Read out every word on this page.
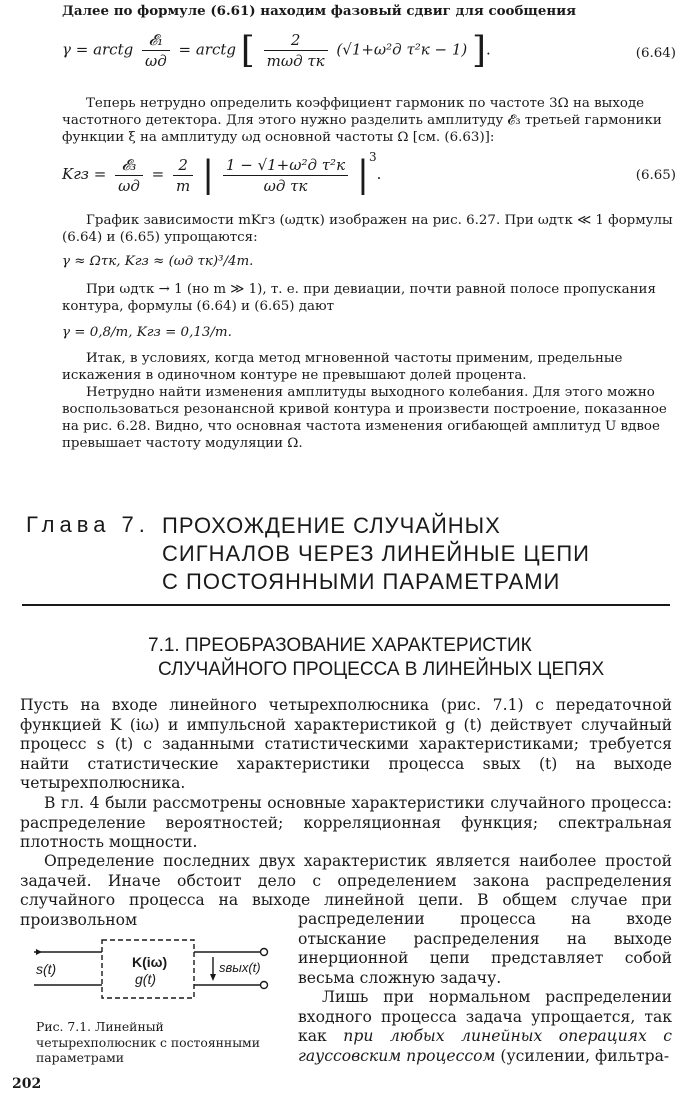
Далее по формуле (6.61) находим фазовый сдвиг для сообщения
γ = arctg $\frac{\text{𝓔₁}}{\omega д}$ = arctg [ $\frac{2}{\text{mωд τк}} (√1+\omega^2д$ τ²к − 1) ].	(6.64)
Теперь нетрудно определить коэффициент гармоник по частоте 3Ω на выходе частотного детектора. Для этого нужно разделить амплитуду 𝓔₃ третьей гармоники функции ξ на амплитуду ωд основной частоты Ω [см. (6.63)]:
Kгз = $\frac{\text{𝓔₃}}{\omega д} = \frac{2}{m}$ | $\frac{\text{1 − √1+ω²д τ²к}}{\text{ωд τк}} |^3$.	(6.65)
График зависимости mKгз (ωдτк) изображен на рис. 6.27. При ωдτк ≪ 1 формулы (6.64) и (6.65) упрощаются:
γ ≈ Ωτк, Kгз ≈ (ωд τк)³/4m.
При ωдτк → 1 (но m ≫ 1), т. е. при девиации, почти равной полосе пропускания контура, формулы (6.64) и (6.65) дают
γ = 0,8/m, Kгз = 0,13/m.
Итак, в условиях, когда метод мгновенной частоты применим, предельные искажения в одиночном контуре не превышают долей процента.
Нетрудно найти изменения амплитуды выходного колебания. Для этого можно воспользоваться резонансной кривой контура и произвести построение, показанное на рис. 6.28. Видно, что основная частота изменения огибающей амплитуд U вдвое превышает частоту модуляции Ω.
Глава 7. ПРОХОЖДЕНИЕ СЛУЧАЙНЫХ
СИГНАЛОВ ЧЕРЕЗ ЛИНЕЙНЫЕ ЦЕПИ
С ПОСТОЯННЫМИ ПАРАМЕТРАМИ
7.1. ПРЕОБРАЗОВАНИЕ ХАРАКТЕРИСТИК
СЛУЧАЙНОГО ПРОЦЕССА В ЛИНЕЙНЫХ ЦЕПЯХ
Пусть на входе линейного четырехполюсника (рис. 7.1) с передаточной функцией K (iω) и импульсной характеристикой g (t) действует случайный процесс s (t) с заданными статистическими характеристиками; требуется найти статистические характеристики процесса sвых (t) на выходе четырехполюсника.
В гл. 4 были рассмотрены основные характеристики случайного процесса: распределение вероятностей; корреляционная функция; спектральная плотность мощности.
Определение последних двух характеристик является наиболее простой задачей. Иначе обстоит дело с определением закона распределения случайного процесса на выходе линейной цепи. В общем случае при произвольном	распределении процесса на входе отыскание распределения на выходе инерционной цепи представляет собой весьма сложную задачу.
Лишь при нормальном распределении входного процесса задача упрощается, так как при любых линейных операциях с гауссовским процессом (усилении, фильтра-
s(t)	K(iω)
g(t)
sвых(t)
Рис. 7.1. Линейный четырехполюсник с постоянными параметрами
202
